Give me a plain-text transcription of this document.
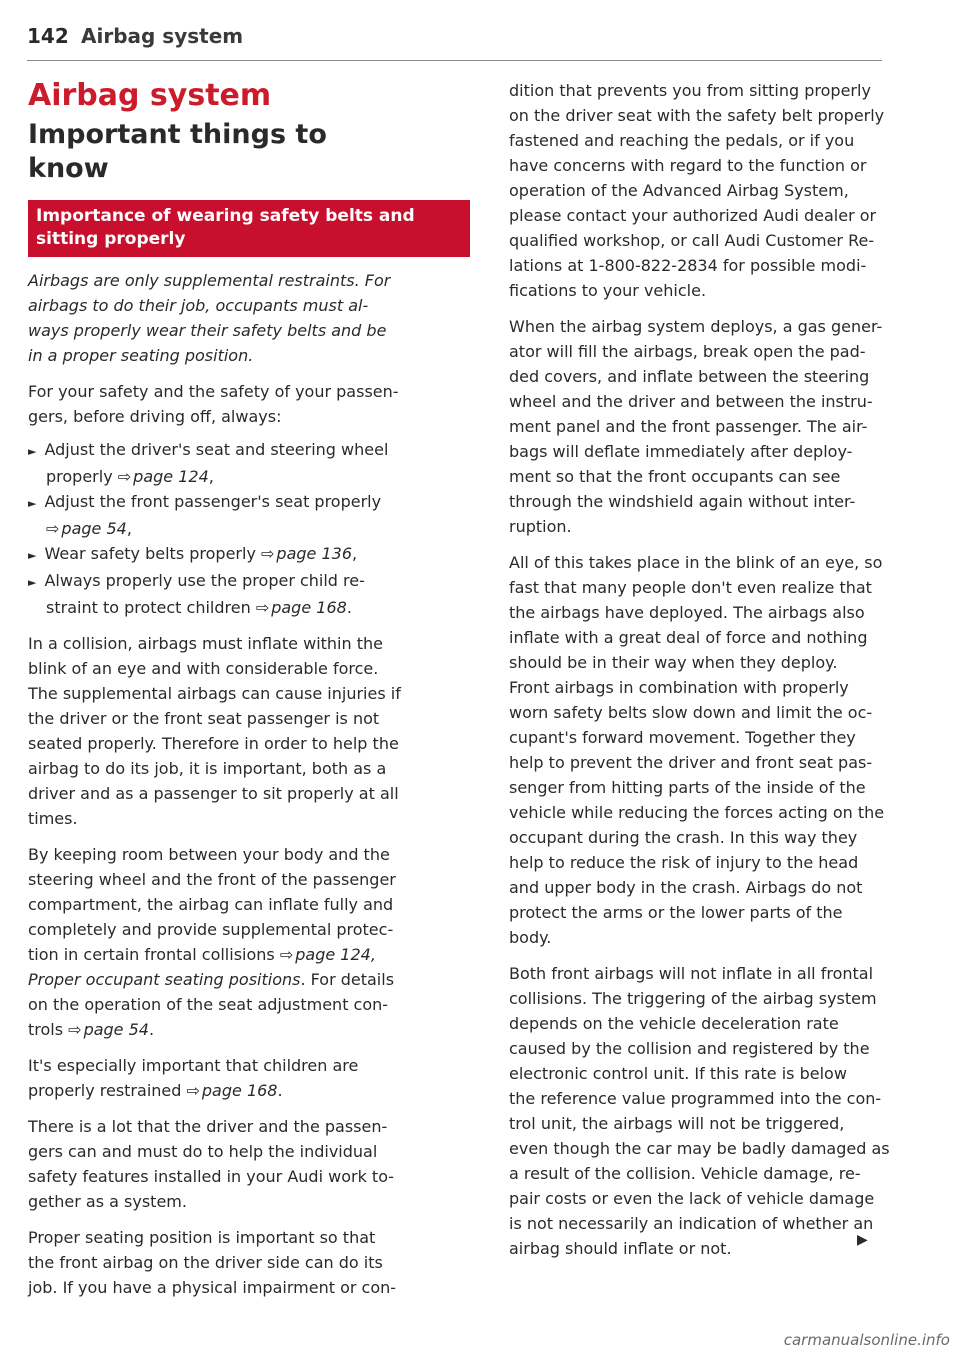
142 Airbag system
Airbag system
Important things to
know
Importance of wearing safety belts and
sitting properly
Airbags are only supplemental restraints. For
airbags to do their job, occupants must al-
ways properly wear their safety belts and be
in a proper seating position.
For your safety and the safety of your passen-
gers, before driving off, always:
► Adjust the driver's seat and steering wheel
properly ⇨ page 124,
► Adjust the front passenger's seat properly
⇨ page 54,
► Wear safety belts properly ⇨ page 136,
► Always properly use the proper child re-
straint to protect children ⇨ page 168.
In a collision, airbags must inflate within the
blink of an eye and with considerable force.
The supplemental airbags can cause injuries if
the driver or the front seat passenger is not
seated properly. Therefore in order to help the
airbag to do its job, it is important, both as a
driver and as a passenger to sit properly at all
times.
By keeping room between your body and the
steering wheel and the front of the passenger
compartment, the airbag can inflate fully and
completely and provide supplemental protec-
tion in certain frontal collisions ⇨ page 124,
Proper occupant seating positions. For details
on the operation of the seat adjustment con-
trols ⇨ page 54.
It's especially important that children are
properly restrained ⇨ page 168.
There is a lot that the driver and the passen-
gers can and must do to help the individual
safety features installed in your Audi work to-
gether as a system.
Proper seating position is important so that
the front airbag on the driver side can do its
job. If you have a physical impairment or con-
dition that prevents you from sitting properly
on the driver seat with the safety belt properly
fastened and reaching the pedals, or if you
have concerns with regard to the function or
operation of the Advanced Airbag System,
please contact your authorized Audi dealer or
qualified workshop, or call Audi Customer Re-
lations at 1-800-822-2834 for possible modi-
fications to your vehicle.
When the airbag system deploys, a gas gener-
ator will fill the airbags, break open the pad-
ded covers, and inflate between the steering
wheel and the driver and between the instru-
ment panel and the front passenger. The air-
bags will deflate immediately after deploy-
ment so that the front occupants can see
through the windshield again without inter-
ruption.
All of this takes place in the blink of an eye, so
fast that many people don't even realize that
the airbags have deployed. The airbags also
inflate with a great deal of force and nothing
should be in their way when they deploy.
Front airbags in combination with properly
worn safety belts slow down and limit the oc-
cupant's forward movement. Together they
help to prevent the driver and front seat pas-
senger from hitting parts of the inside of the
vehicle while reducing the forces acting on the
occupant during the crash. In this way they
help to reduce the risk of injury to the head
and upper body in the crash. Airbags do not
protect the arms or the lower parts of the
body.
Both front airbags will not inflate in all frontal
collisions. The triggering of the airbag system
depends on the vehicle deceleration rate
caused by the collision and registered by the
electronic control unit. If this rate is below
the reference value programmed into the con-
trol unit, the airbags will not be triggered,
even though the car may be badly damaged as
a result of the collision. Vehicle damage, re-
pair costs or even the lack of vehicle damage
is not necessarily an indication of whether an
airbag should inflate or not.	▶
carmanualsonline.info
